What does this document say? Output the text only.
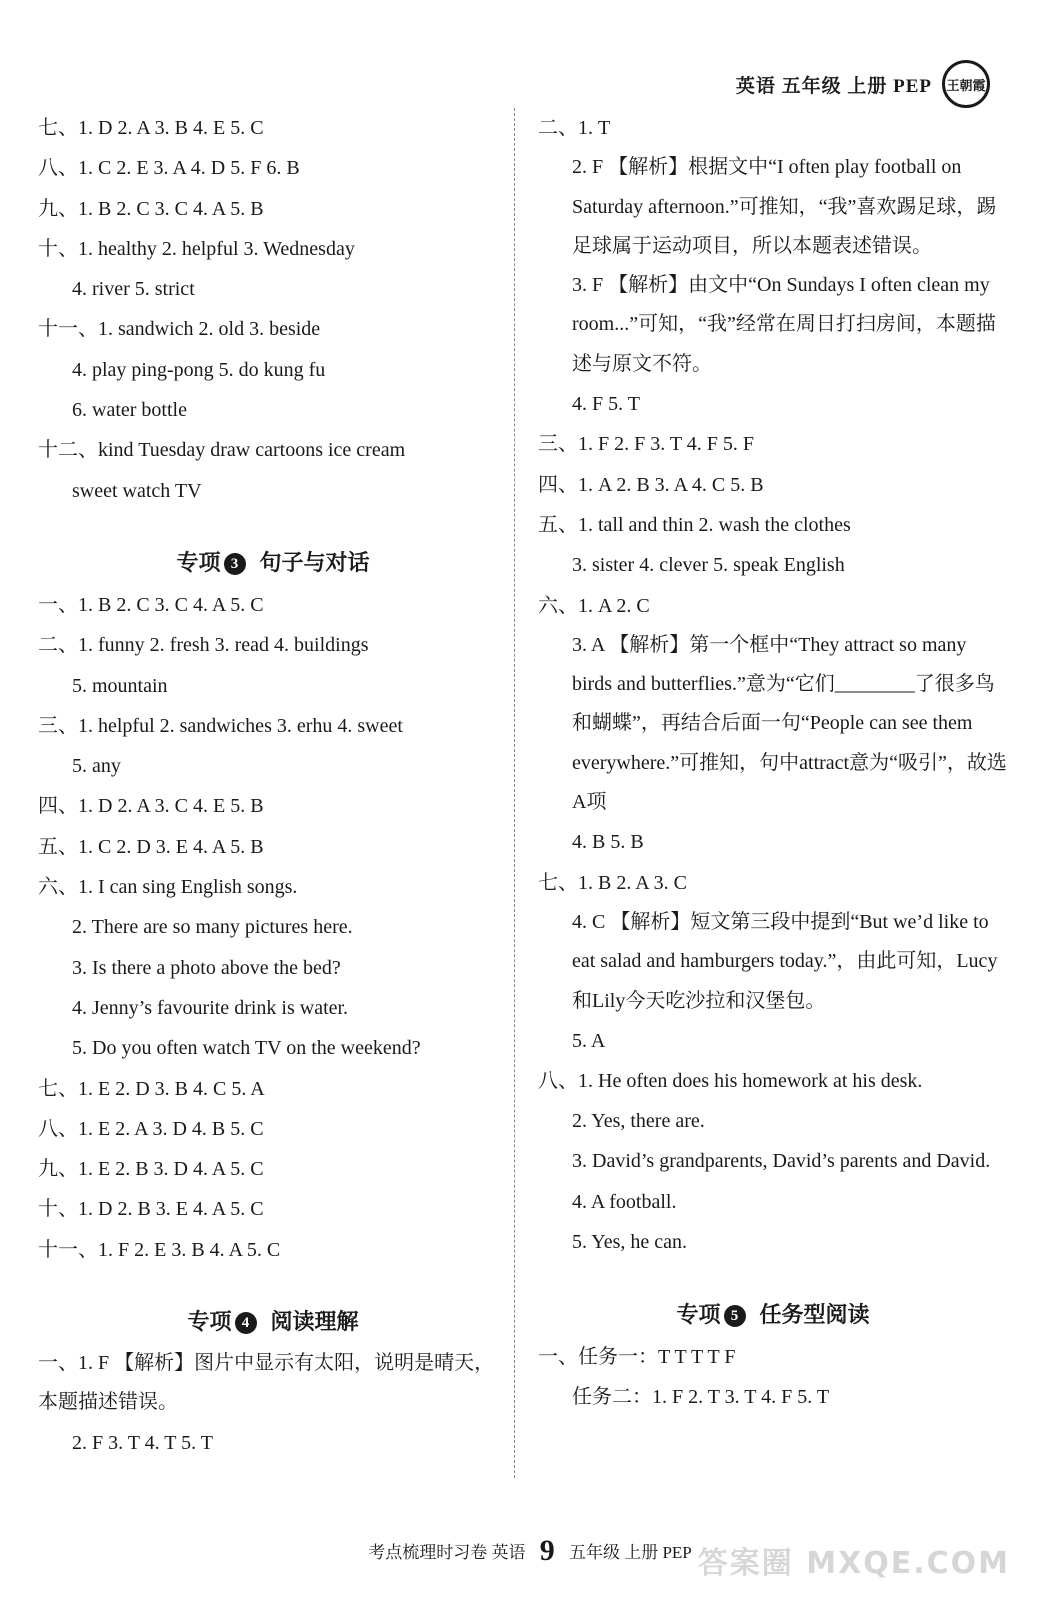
英语 五年级 上册 PEP	王朝霞
七、1. D 2. A 3. B 4. E 5. C
八、1. C 2. E 3. A 4. D 5. F 6. B
九、1. B 2. C 3. C 4. A 5. B
十、1. healthy 2. helpful 3. Wednesday
4. river 5. strict
十一、1. sandwich 2. old 3. beside
4. play ping-pong 5. do kung fu
6. water bottle
十二、kind Tuesday draw cartoons ice cream
sweet watch TV
专项 3 句子与对话
一、1. B 2. C 3. C 4. A 5. C
二、1. funny 2. fresh 3. read 4. buildings
5. mountain
三、1. helpful 2. sandwiches 3. erhu 4. sweet
5. any
四、1. D 2. A 3. C 4. E 5. B
五、1. C 2. D 3. E 4. A 5. B
六、1. I can sing English songs.
2. There are so many pictures here.
3. Is there a photo above the bed?
4. Jenny’s favourite drink is water.
5. Do you often watch TV on the weekend?
七、1. E 2. D 3. B 4. C 5. A
八、1. E 2. A 3. D 4. B 5. C
九、1. E 2. B 3. D 4. A 5. C
十、1. D 2. B 3. E 4. A 5. C
十一、1. F 2. E 3. B 4. A 5. C
专项 4 阅读理解
一、1. F 【解析】图片中显示有太阳，说明是晴天，本题描述错误。
2. F 3. T 4. T 5. T
二、1. T
2. F 【解析】根据文中“I often play football on Saturday afternoon.”可推知，“我”喜欢踢足球，踢足球属于运动项目，所以本题表述错误。
3. F 【解析】由文中“On Sundays I often clean my room...”可知，“我”经常在周日打扫房间，本题描述与原文不符。
4. F 5. T
三、1. F 2. F 3. T 4. F 5. F
四、1. A 2. B 3. A 4. C 5. B
五、1. tall and thin 2. wash the clothes
3. sister 4. clever 5. speak English
六、1. A 2. C
3. A 【解析】第一个框中“They attract so many birds and butterflies.”意为“它们________了很多鸟和蝴蝶”，再结合后面一句“People can see them everywhere.”可推知，句中attract意为“吸引”，故选A项
4. B 5. B
七、1. B 2. A 3. C
4. C 【解析】短文第三段中提到“But we’d like to eat salad and hamburgers today.”，由此可知，Lucy和Lily今天吃沙拉和汉堡包。
5. A
八、1. He often does his homework at his desk.
2. Yes, there are.
3. David’s grandparents, David’s parents and David.
4. A football.
5. Yes, he can.
专项 5 任务型阅读
一、任务一：T T T T F
任务二：1. F 2. T 3. T 4. F 5. T
考点梳理时习卷 英语 9 五年级 上册 PEP 答案圈 MXQE.COM
